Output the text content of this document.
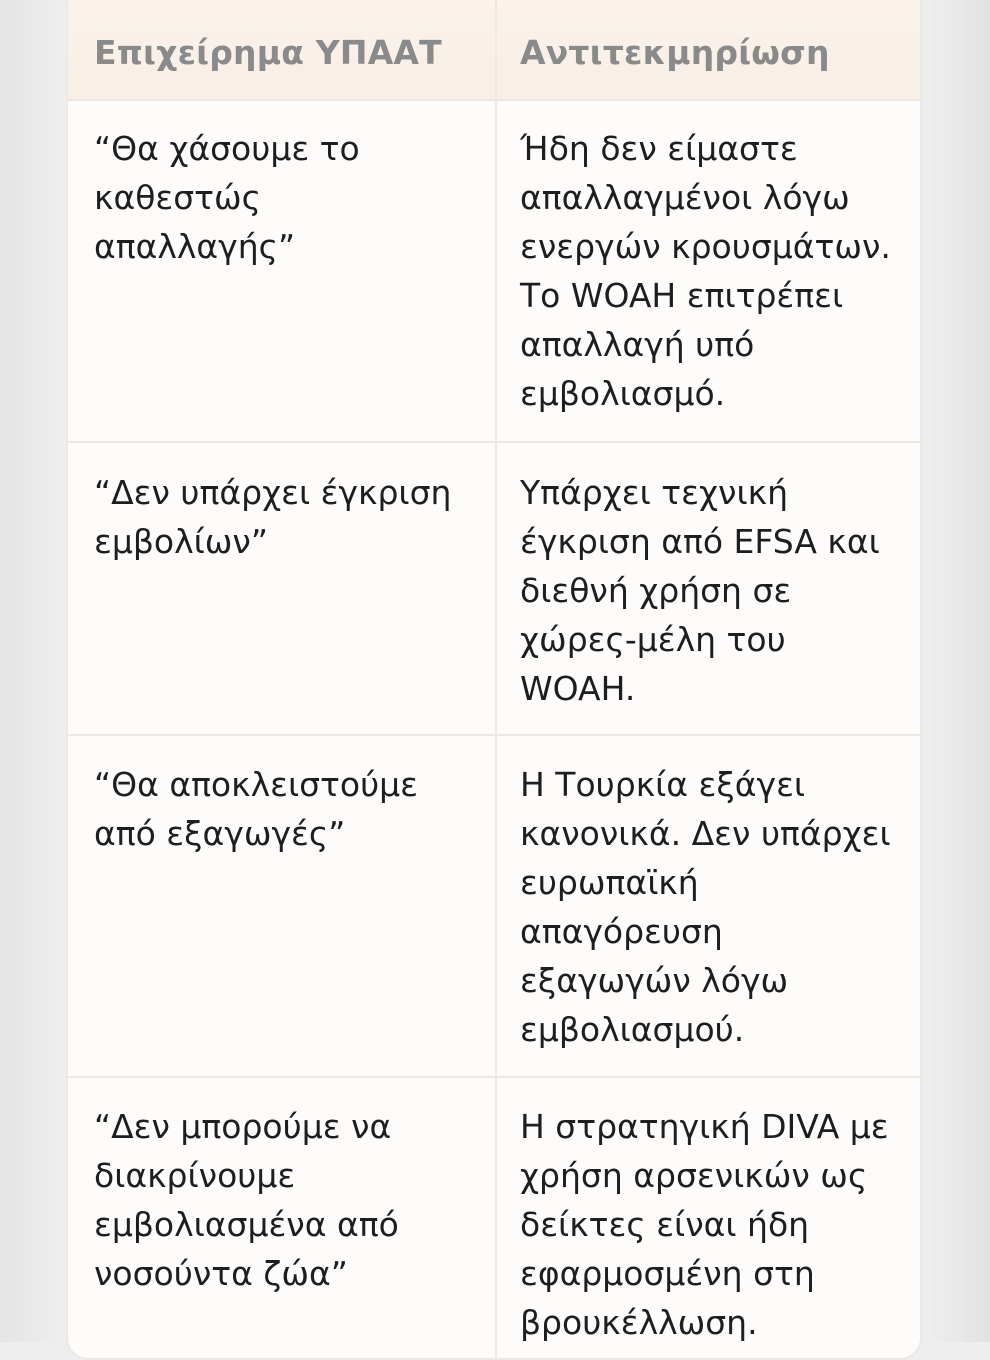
Επιχείρημα ΥΠΑΑΤ Αντιτεκμηρίωση
“Θα χάσουμε το
καθεστώς
απαλλαγής”
Ήδη δεν είμαστε
απαλλαγμένοι λόγω
ενεργών κρουσμάτων.
Το WOAH επιτρέπει
απαλλαγή υπό
εμβολιασμό.
“Δεν υπάρχει έγκριση
εμβολίων”
Υπάρχει τεχνική
έγκριση από EFSA και
διεθνή χρήση σε
χώρες-μέλη του
WOAH.
“Θα αποκλειστούμε
από εξαγωγές”
Η Τουρκία εξάγει
κανονικά. Δεν υπάρχει
ευρωπαϊκή
απαγόρευση
εξαγωγών λόγω
εμβολιασμού.
“Δεν μπορούμε να
διακρίνουμε
εμβολιασμένα από
νοσούντα ζώα”
Η στρατηγική DIVA με
χρήση αρσενικών ως
δείκτες είναι ήδη
εφαρμοσμένη στη
βρουκέλλωση.
